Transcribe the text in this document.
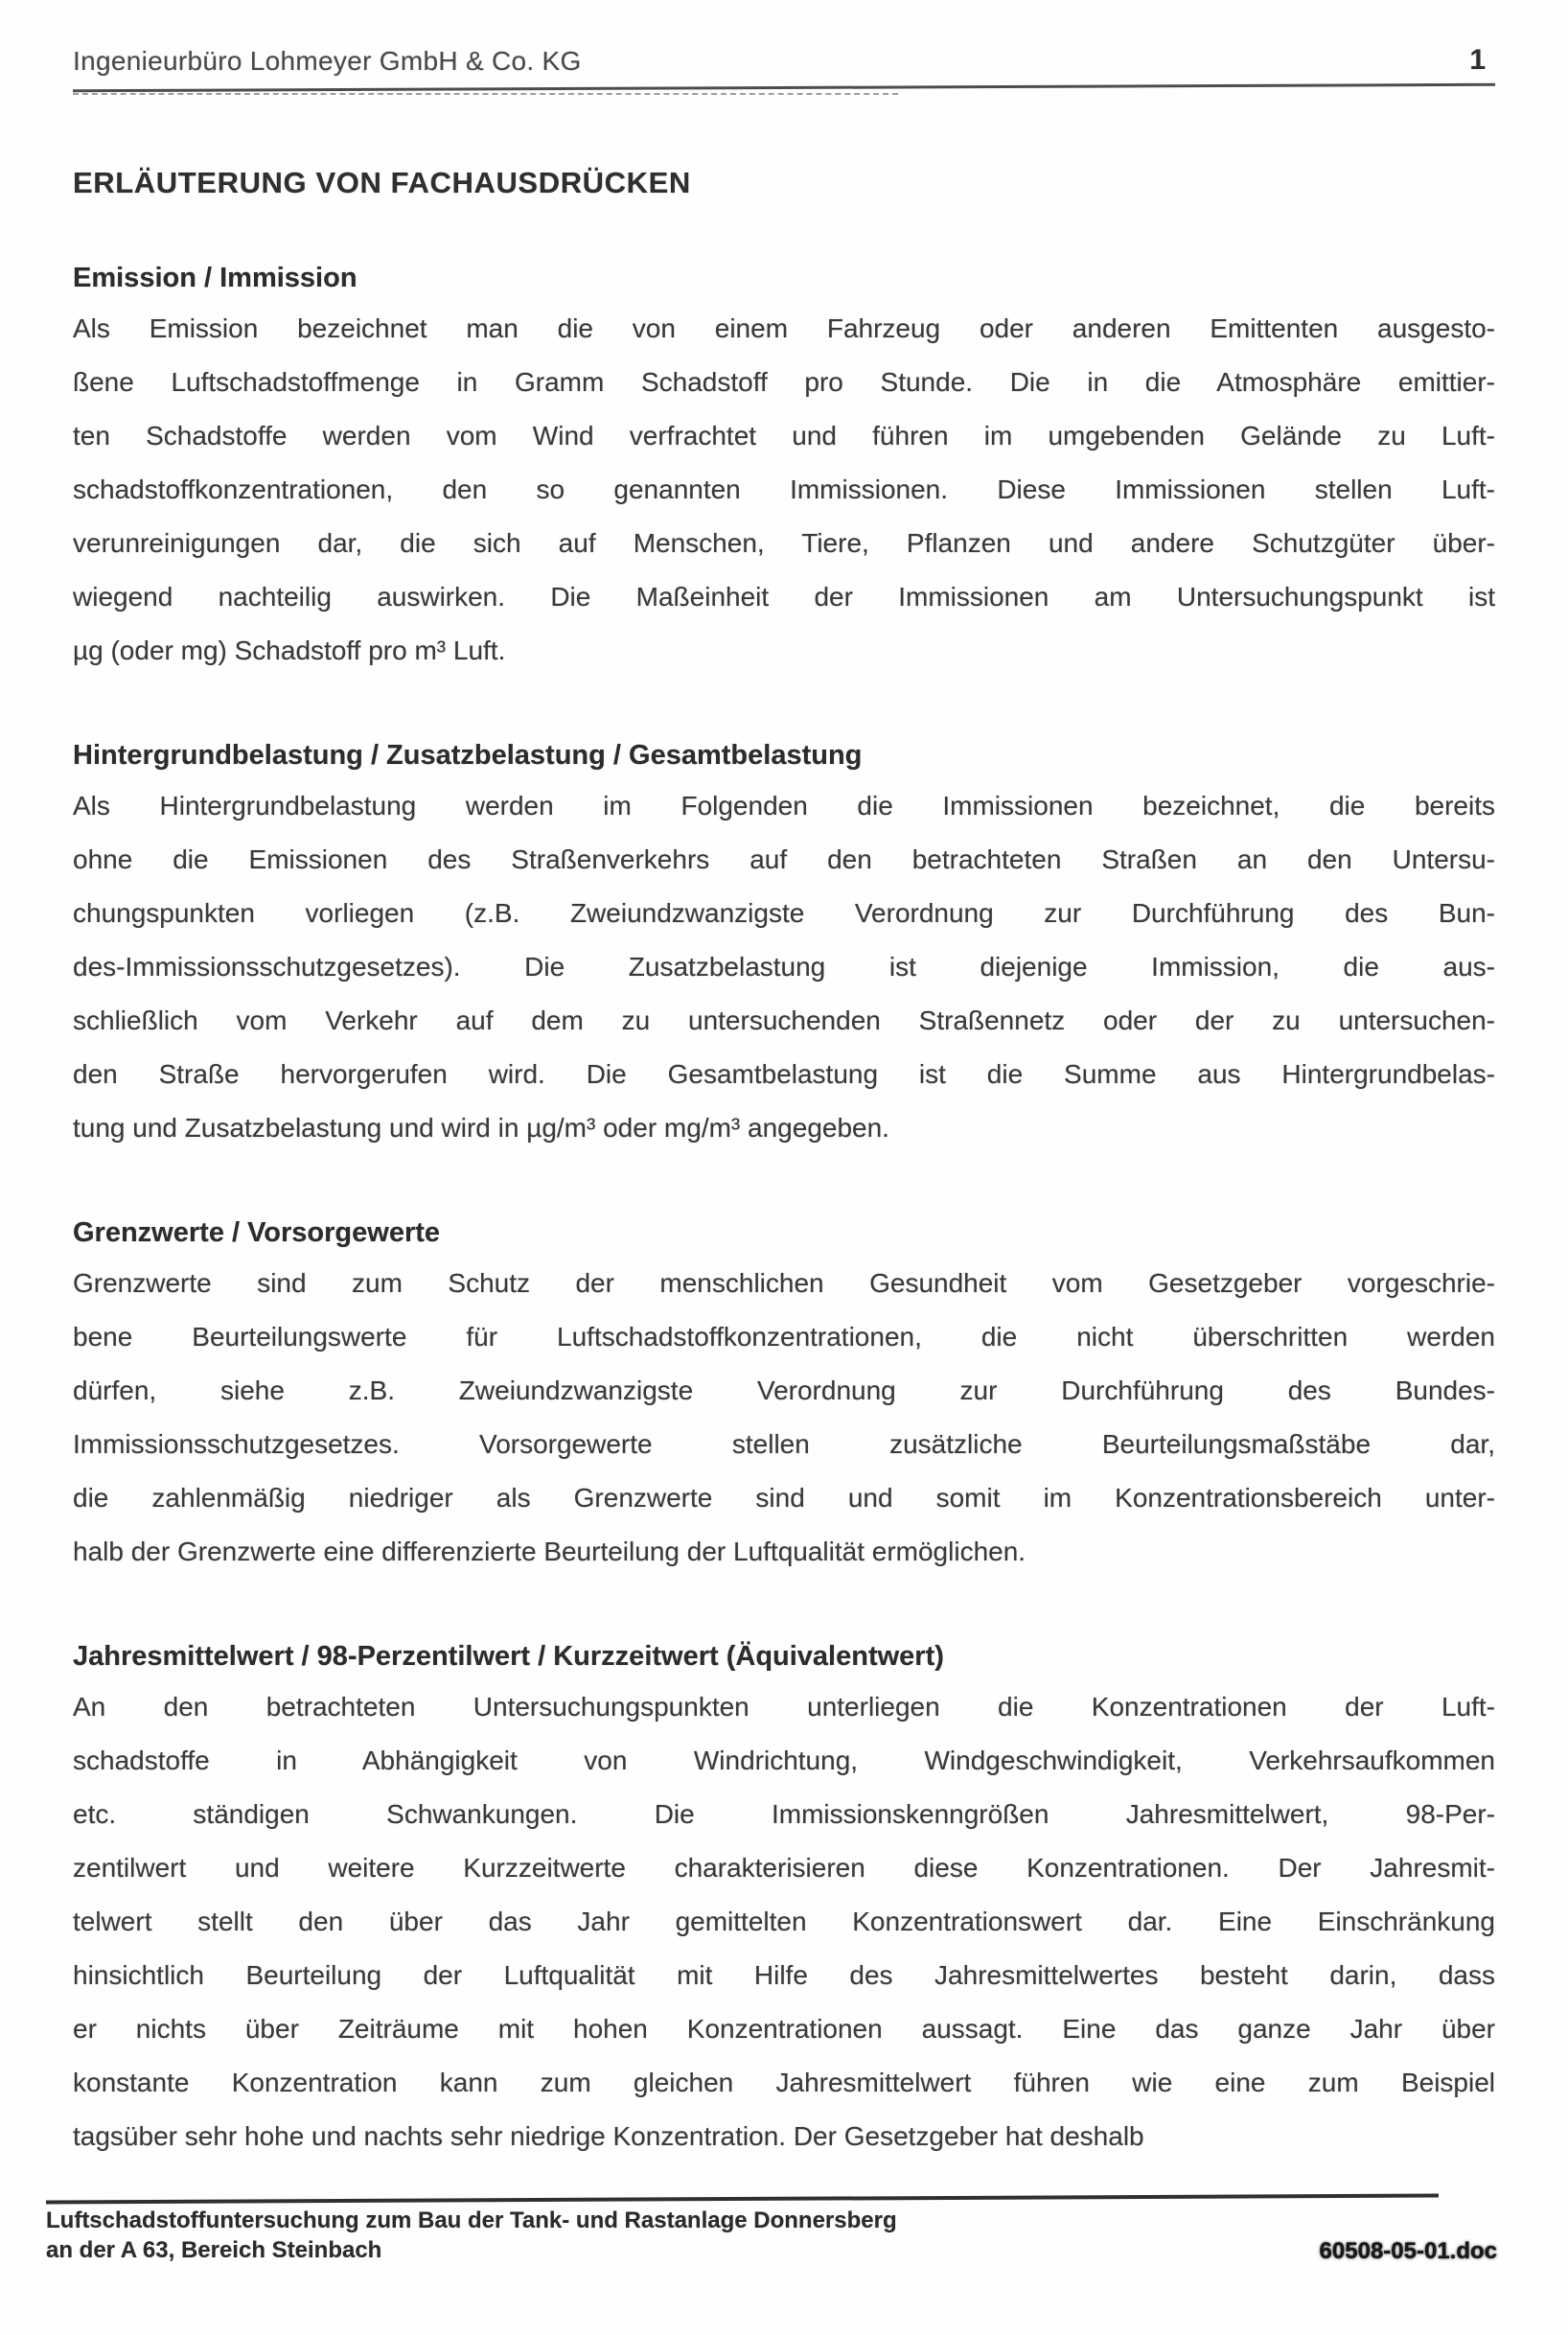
Ingenieurbüro Lohmeyer GmbH & Co. KG	1
ERLÄUTERUNG VON FACHAUSDRÜCKEN
Emission / Immission
Als Emission bezeichnet man die von einem Fahrzeug oder anderen Emittenten ausgesto-
ßene Luftschadstoffmenge in Gramm Schadstoff pro Stunde. Die in die Atmosphäre emittier-
ten Schadstoffe werden vom Wind verfrachtet und führen im umgebenden Gelände zu Luft-
schadstoffkonzentrationen, den so genannten Immissionen. Diese Immissionen stellen Luft-
verunreinigungen dar, die sich auf Menschen, Tiere, Pflanzen und andere Schutzgüter über-
wiegend nachteilig auswirken. Die Maßeinheit der Immissionen am Untersuchungspunkt ist
µg (oder mg) Schadstoff pro m³ Luft.
Hintergrundbelastung / Zusatzbelastung / Gesamtbelastung
Als Hintergrundbelastung werden im Folgenden die Immissionen bezeichnet, die bereits
ohne die Emissionen des Straßenverkehrs auf den betrachteten Straßen an den Untersu-
chungspunkten vorliegen (z.B. Zweiundzwanzigste Verordnung zur Durchführung des Bun-
des-Immissionsschutzgesetzes). Die Zusatzbelastung ist diejenige Immission, die aus-
schließlich vom Verkehr auf dem zu untersuchenden Straßennetz oder der zu untersuchen-
den Straße hervorgerufen wird. Die Gesamtbelastung ist die Summe aus Hintergrundbelas-
tung und Zusatzbelastung und wird in µg/m³ oder mg/m³ angegeben.
Grenzwerte / Vorsorgewerte
Grenzwerte sind zum Schutz der menschlichen Gesundheit vom Gesetzgeber vorgeschrie-
bene Beurteilungswerte für Luftschadstoffkonzentrationen, die nicht überschritten werden
dürfen, siehe z.B. Zweiundzwanzigste Verordnung zur Durchführung des Bundes-
Immissionsschutzgesetzes. Vorsorgewerte stellen zusätzliche Beurteilungsmaßstäbe dar,
die zahlenmäßig niedriger als Grenzwerte sind und somit im Konzentrationsbereich unter-
halb der Grenzwerte eine differenzierte Beurteilung der Luftqualität ermöglichen.
Jahresmittelwert / 98-Perzentilwert / Kurzzeitwert (Äquivalentwert)
An den betrachteten Untersuchungspunkten unterliegen die Konzentrationen der Luft-
schadstoffe in Abhängigkeit von Windrichtung, Windgeschwindigkeit, Verkehrsaufkommen
etc. ständigen Schwankungen. Die Immissionskenngrößen Jahresmittelwert, 98-Per-
zentilwert und weitere Kurzzeitwerte charakterisieren diese Konzentrationen. Der Jahresmit-
telwert stellt den über das Jahr gemittelten Konzentrationswert dar. Eine Einschränkung
hinsichtlich Beurteilung der Luftqualität mit Hilfe des Jahresmittelwertes besteht darin, dass
er nichts über Zeiträume mit hohen Konzentrationen aussagt. Eine das ganze Jahr über
konstante Konzentration kann zum gleichen Jahresmittelwert führen wie eine zum Beispiel
tagsüber sehr hohe und nachts sehr niedrige Konzentration. Der Gesetzgeber hat deshalb
Luftschadstoffuntersuchung zum Bau der Tank- und Rastanlage Donnersberg
an der A 63, Bereich Steinbach	60508-05-01.doc
